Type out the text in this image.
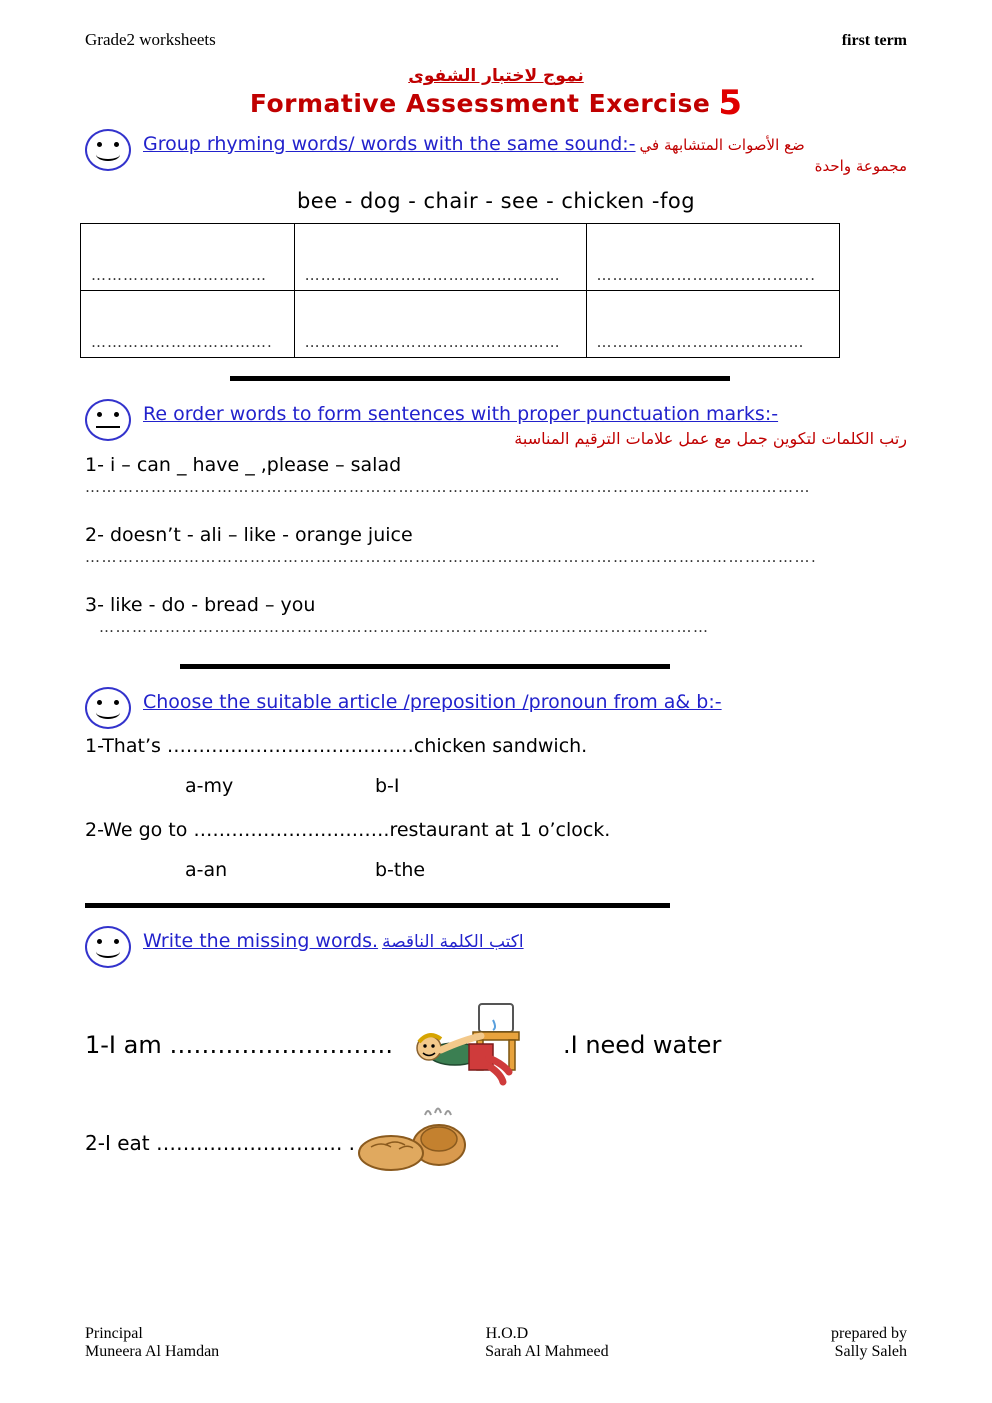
Grade2 worksheets	first term
نموج لاختبار الشفوى
Formative Assessment Exercise 5
Group rhyming words/ words with the same sound:- ضع الأصوات المتشابهة في
مجموعة واحدة
bee - dog - chair - see - chicken -fog
……………………………	…………………………………………	…………………………………..
…………………………….	…………………………………………	…………………………………
Re order words to form sentences with proper punctuation marks:-
رتب الكلمات لتكوين جمل مع عمل علامات الترقيم المناسبة
1- i – can _ have _ ,please – salad
……………………………………………………………………………………………………………………
2- doesn’t - ali – like - orange juice
…………………………………………………………………………………………………………………….
3- like - do - bread – you
…………………………………………………………………………………………………
Choose the suitable article /preposition /pronoun from a& b:-
1-That’s …………………………………chicken sandwich.
a-my	b-I
2-We go to ………………………….restaurant at 1 o’clock.
a-an	b-the
Write the missing words. اكتب الكلمة الناقصة
1-I am ……………………….	.I need water
2-I eat ………………………. .
Principal	H.O.D	prepared by
Muneera Al Hamdan	Sarah Al Mahmeed	Sally Saleh
